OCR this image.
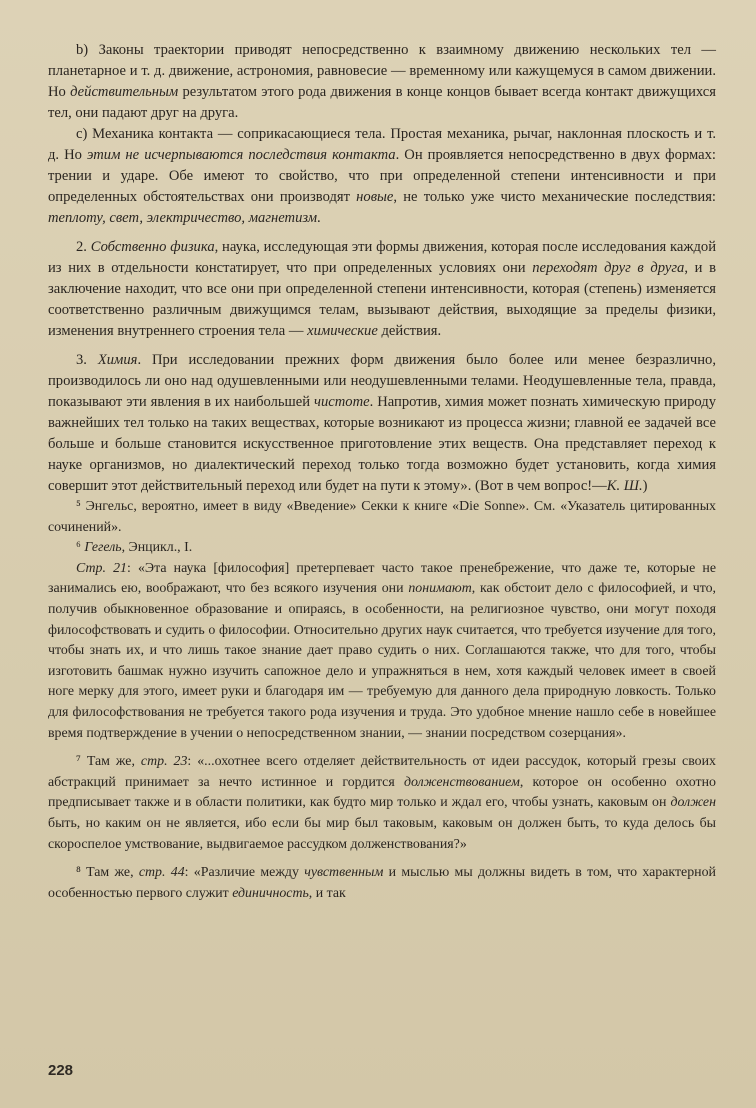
b) Законы траектории приводят непосредственно к взаимному движению нескольких тел — планетарное и т. д. движение, астрономия, равновесие — временному или кажущемуся в самом движении. Но действительным результатом этого рода движения в конце концов бывает всегда контакт движущихся тел, они падают друг на друга.

c) Механика контакта — соприкасающиеся тела. Простая механика, рычаг, наклонная плоскость и т. д. Но этим не исчерпываются последствия контакта. Он проявляется непосредственно в двух формах: трении и ударе. Обе имеют то свойство, что при определенной степени интенсивности и при определенных обстоятельствах они производят новые, не только уже чисто механические последствия: теплоту, свет, электричество, магнетизм.

2. Собственно физика, наука, исследующая эти формы движения, которая после исследования каждой из них в отдельности констатирует, что при определенных условиях они переходят друг в друга, и в заключение находит, что все они при определенной степени интенсивности, которая (степень) изменяется соответственно различным движущимся телам, вызывают действия, выходящие за пределы физики, изменения внутреннего строения тела — химические действия.

3. Химия. При исследовании прежних форм движения было более или менее безразлично, производилось ли оно над одушевленными или неодушевленными телами. Неодушевленные тела, правда, показывают эти явления в их наибольшей чистоте. Напротив, химия может познать химическую природу важнейших тел только на таких веществах, которые возникают из процесса жизни; главной ее задачей все больше и больше становится искусственное приготовление этих веществ. Она представляет переход к науке организмов, но диалектический переход только тогда возможно будет установить, когда химия совершит этот действительный переход или будет на пути к этому». (Вот в чем вопрос!—К. Ш.)

⁵ Энгельс, вероятно, имеет в виду «Введение» Секки к книге «Die Sonne». См. «Указатель цитированных сочинений».

⁶ Гегель, Энцикл., I.

Стр. 21: «Эта наука [философия] претерпевает часто такое пренебрежение, что даже те, которые не занимались ею, воображают, что без всякого изучения они понимают, как обстоит дело с философией, и что, получив обыкновенное образование и опираясь, в особенности, на религиозное чувство, они могут походя философствовать и судить о философии. Относительно других наук считается, что требуется изучение для того, чтобы знать их, и что лишь такое знание дает право судить о них. Соглашаются также, что для того, чтобы изготовить башмак нужно изучить сапожное дело и упражняться в нем, хотя каждый человек имеет в своей ноге мерку для этого, имеет руки и благодаря им — требуемую для данного дела природную ловкость. Только для философствования не требуется такого рода изучения и труда. Это удобное мнение нашло себе в новейшее время подтверждение в учении о непосредственном знании, — знании посредством созерцания».

⁷ Там же, стр. 23: «...охотнее всего отделяет действительность от идеи рассудок, который грезы своих абстракций принимает за нечто истинное и гордится долженствованием, которое он особенно охотно предписывает также и в области политики, как будто мир только и ждал его, чтобы узнать, каковым он должен быть, но каким он не является, ибо если бы мир был таковым, каковым он должен быть, то куда делось бы скороспелое умствование, выдвигаемое рассудком долженствования?»

⁸ Там же, стр. 44: «Различие между чувственным и мыслью мы должны видеть в том, что характерной особенностью первого служит единичность, и так

228
